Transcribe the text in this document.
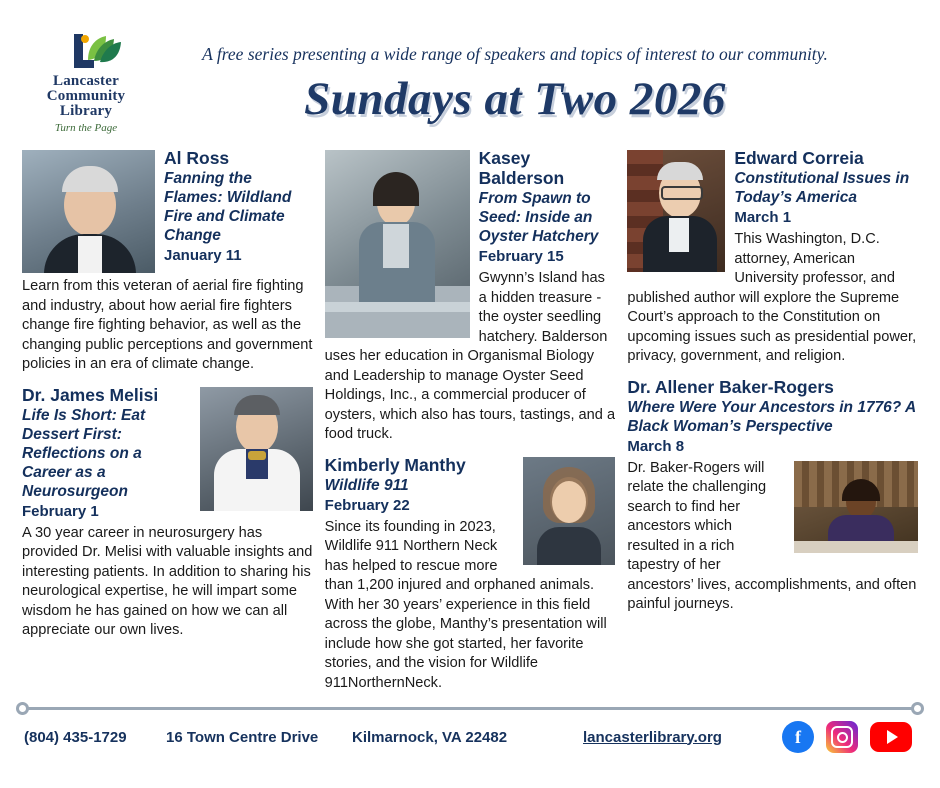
Lancaster
Community
Library
Turn the Page
A free series presenting a wide range of speakers and topics of interest to our community.
Sundays at Two 2026
Al Ross
Fanning the Flames: Wildland Fire and Climate Change
January 11

Learn from this veteran of aerial fire fighting and industry, about how aerial fire fighters change fire fighting behavior, as well as the changing public perceptions and government policies in an era of climate change.

Dr. James Melisi
Life Is Short: Eat Dessert First: Reflections on a Career as a Neurosurgeon
February 1

A 30 year career in neurosurgery has provided Dr. Melisi with valuable insights and interesting patients. In addition to sharing his neurological expertise, he will impart some wisdom he has gained on how we can all appreciate our own lives.

Kasey Balderson
From Spawn to Seed: Inside an Oyster Hatchery
February 15

Gwynn’s Island has a hidden treasure - the oyster seedling hatchery. Balderson uses her education in Organismal Biology and Leadership to manage Oyster Seed Holdings, Inc., a commercial producer of oysters, which also has tours, tastings, and a food truck.

Kimberly Manthy
Wildlife 911
February 22

Since its founding in 2023, Wildlife 911 Northern Neck has helped to rescue more than 1,200 injured and orphaned animals. With her 30 years’ experience in this field across the globe, Manthy’s presentation will include how she got started, her favorite stories, and the vision for Wildlife 911NorthernNeck.

Edward Correia
Constitutional Issues in Today’s America
March 1

This Washington, D.C. attorney, American University professor, and published author will explore the Supreme Court’s approach to the Constitution on upcoming issues such as presidential power, privacy, government, and religion.

Dr. Allener Baker-Rogers
Where Were Your Ancestors in 1776? A Black Woman’s Perspective
March 8

Dr. Baker-Rogers will relate the challenging search to find her ancestors which resulted in a rich tapestry of her ancestors’ lives, accomplishments, and often painful journeys.

(804) 435-1729	16 Town Centre Drive Kilmarnock, VA 22482	lancasterlibrary.org	f
